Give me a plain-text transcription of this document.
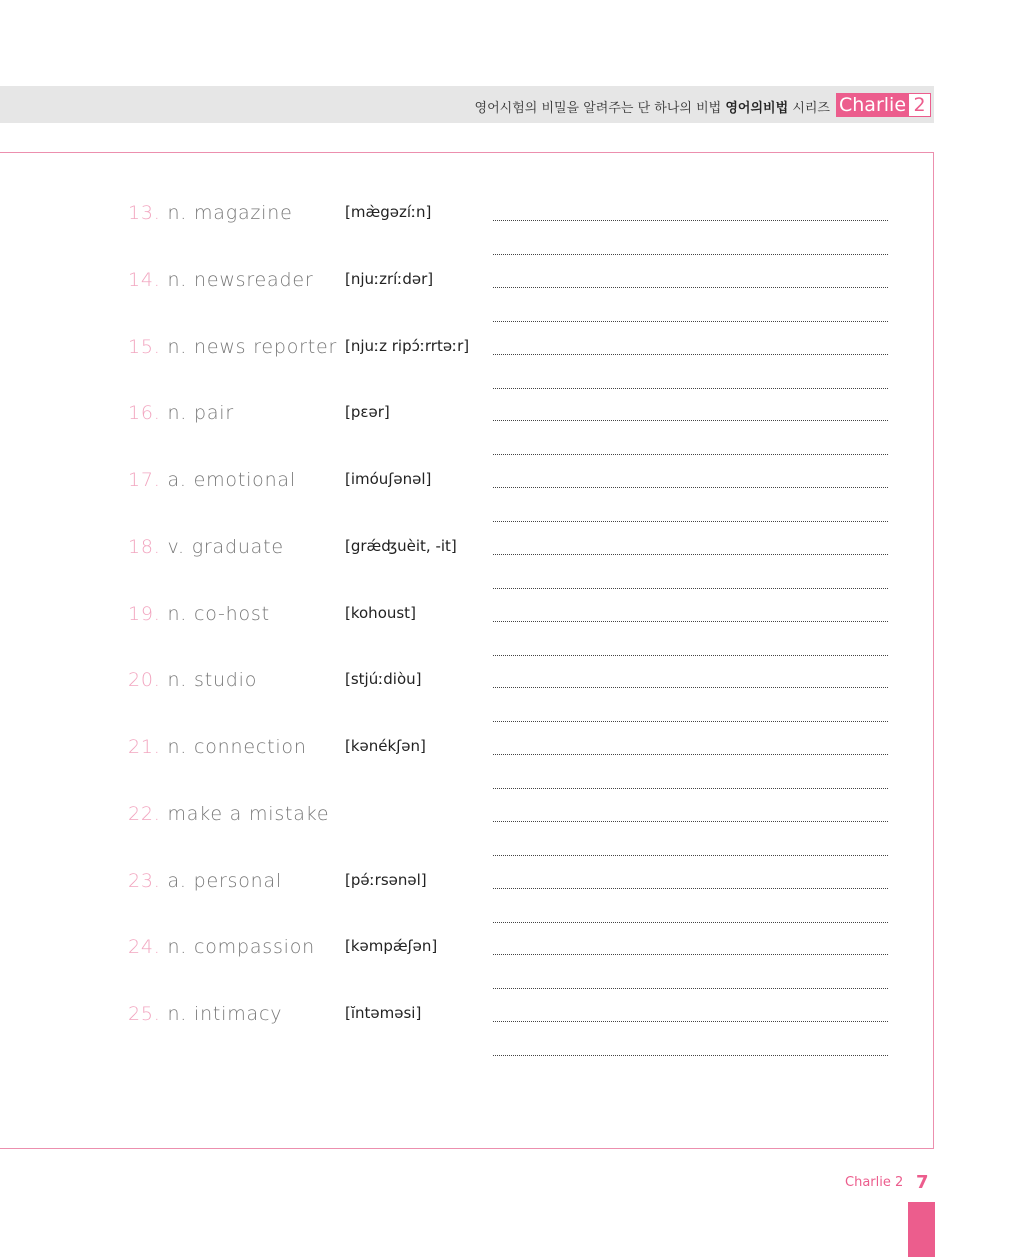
영어시험의 비밀을 알려주는 단 하나의 비법 영어의비법 시리즈 Charlie 2
13. n. magazine	[mæ̀gəzíːn]
14. n. newsreader [njuːzríːdər]
15. n. news reporter [njuːz ripɔ́ːrrtəːr]
16. n. pair	[pɛər]
17. a. emotional	[imóuʃənəl]
18. v. graduate	[grǽʤuèit, -it]
19. n. co-host	[kohoust]
20. n. studio	[stjúːdiòu]
21. n. connection	[kənékʃən]
22. make a mistake
23. a. personal	[pə́ːrsənəl]
24. n. compassion [kəmpǽʃən]
25. n. intimacy	[ĭntəməsi]
Charlie 2 7
